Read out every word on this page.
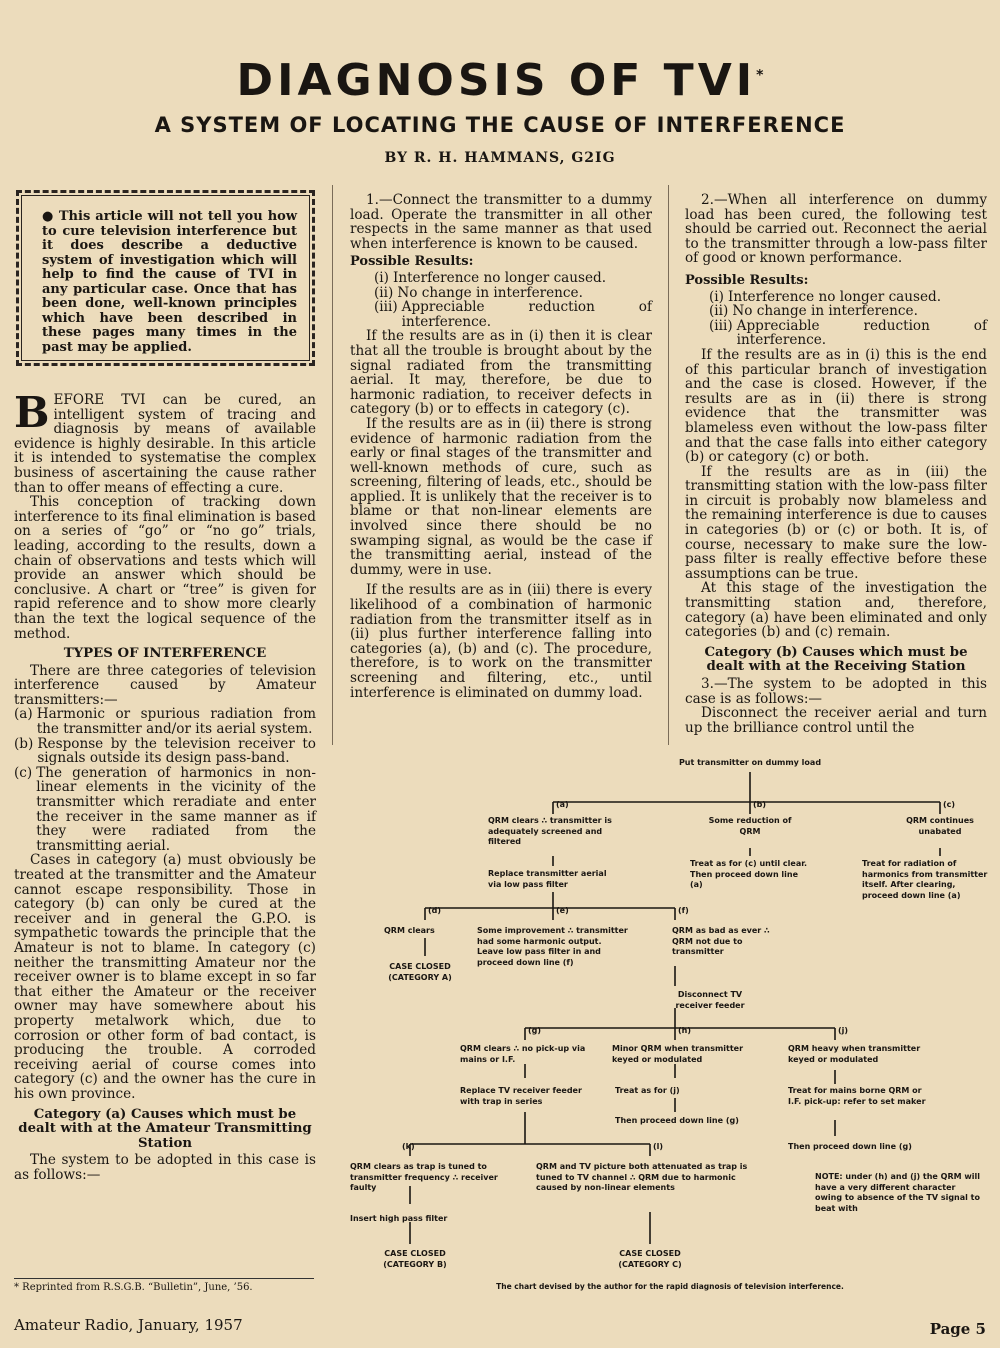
DIAGNOSIS OF TVI*
A SYSTEM OF LOCATING THE CAUSE OF INTERFERENCE
BY R. H. HAMMANS, G2IG
● This article will not tell you how to cure television interference but it does describe a deductive system of investigation which will help to find the cause of TVI in any particular case. Once that has been done, well-known principles which have been described in these pages many times in the past may be applied.

BEFORE TVI can be cured, an intelligent system of tracing and diagnosis by means of available evidence is highly desirable. In this article it is intended to systematise the complex business of ascertaining the cause rather than to offer means of effecting a cure.

This conception of tracking down interference to its final elimination is based on a series of “go” or “no go” trials, leading, according to the results, down a chain of observations and tests which will provide an answer which should be conclusive. A chart or “tree” is given for rapid reference and to show more clearly than the text the logical sequence of the method.

TYPES OF INTERFERENCE

There are three categories of television interference caused by Amateur transmitters:—

(a) Harmonic or spurious radiation from the transmitter and/or its aerial system.
(b) Response by the television receiver to signals outside its design pass-band.
(c) The generation of harmonics in non-linear elements in the vicinity of the transmitter which reradiate and enter the receiver in the same manner as if they were radiated from the transmitting aerial.

Cases in category (a) must obviously be treated at the transmitter and the Amateur cannot escape responsibility. Those in category (b) can only be cured at the receiver and in general the G.P.O. is sympathetic towards the principle that the Amateur is not to blame. In category (c) neither the transmitting Amateur nor the receiver owner is to blame except in so far that either the Amateur or the receiver owner may have somewhere about his property metalwork which, due to corrosion or other form of bad contact, is producing the trouble. A corroded receiving aerial of course comes into category (c) and the owner has the cure in his own province.

Category (a) Causes which must be dealt with at the Amateur Transmitting Station

The system to be adopted in this case is as follows:—

1.—Connect the transmitter to a dummy load. Operate the transmitter in all other respects in the same manner as that used when interference is known to be caused.

Possible Results:
(i) Interference no longer caused.
(ii) No change in interference.
(iii) Appreciable reduction of interference.

If the results are as in (i) then it is clear that all the trouble is brought about by the signal radiated from the transmitting aerial. It may, therefore, be due to harmonic radiation, to receiver defects in category (b) or to effects in category (c).

If the results are as in (ii) there is strong evidence of harmonic radiation from the early or final stages of the transmitter and well-known methods of cure, such as screening, filtering of leads, etc., should be applied. It is unlikely that the receiver is to blame or that non-linear elements are involved since there should be no swamping signal, as would be the case if the transmitting aerial, instead of the dummy, were in use.

If the results are as in (iii) there is every likelihood of a combination of harmonic radiation from the transmitter itself as in (ii) plus further interference falling into categories (a), (b) and (c). The procedure, therefore, is to work on the transmitter screening and filtering, etc., until interference is eliminated on dummy load.

2.—When all interference on dummy load has been cured, the following test should be carried out. Reconnect the aerial to the transmitter through a low-pass filter of good or known performance.

Possible Results:
(i) Interference no longer caused.
(ii) No change in interference.
(iii) Appreciable reduction of interference.

If the results are as in (i) this is the end of this particular branch of investigation and the case is closed. However, if the results are as in (ii) there is strong evidence that the transmitter was blameless even without the low-pass filter and that the case falls into either category (b) or category (c) or both.

If the results are as in (iii) the transmitting station with the low-pass filter in circuit is probably now blameless and the remaining interference is due to causes in categories (b) or (c) or both. It is, of course, necessary to make sure the low-pass filter is really effective before these assumptions can be true.

At this stage of the investigation the transmitting station and, therefore, category (a) have been eliminated and only categories (b) and (c) remain.

Category (b) Causes which must be dealt with at the Receiving Station

3.—The system to be adopted in this case is as follows:—

Disconnect the receiver aerial and turn up the brilliance control until the

Put transmitter on dummy load
(a)	(b)	(c)
QRM clears ∴ transmitter is adequately screened and filtered
Replace transmitter aerial via low pass filter
Some reduction of QRM
Treat as for (c) until clear. Then proceed down line (a)
QRM continues unabated
Treat for radiation of harmonics from transmitter itself. After clearing, proceed down line (a)
(d)	(e)	(f)
QRM clears
CASE CLOSED (CATEGORY A)
Some improvement ∴ transmitter had some harmonic output. Leave low pass filter in and proceed down line (f)
QRM as bad as ever ∴ QRM not due to transmitter
Disconnect TV receiver feeder
(g)	(h)	(j)
QRM clears ∴ no pick-up via mains or I.F.
Replace TV receiver feeder with trap in series
Minor QRM when transmitter keyed or modulated
Treat as for (j)
Then proceed down line (g)
QRM heavy when transmitter keyed or modulated
Treat for mains borne QRM or I.F. pick-up: refer to set maker
Then proceed down line (g)
(k)	(l)
QRM clears as trap is tuned to transmitter frequency ∴ receiver faulty
Insert high pass filter
CASE CLOSED (CATEGORY B)
QRM and TV picture both attenuated as trap is tuned to TV channel ∴ QRM due to harmonic caused by non-linear elements
CASE CLOSED (CATEGORY C)
NOTE: under (h) and (j) the QRM will have a very different character owing to absence of the TV signal to beat with
The chart devised by the author for the rapid diagnosis of television interference.
* Reprinted from R.S.G.B. “Bulletin”, June, ’56.
Amateur Radio, January, 1957	Page 5
